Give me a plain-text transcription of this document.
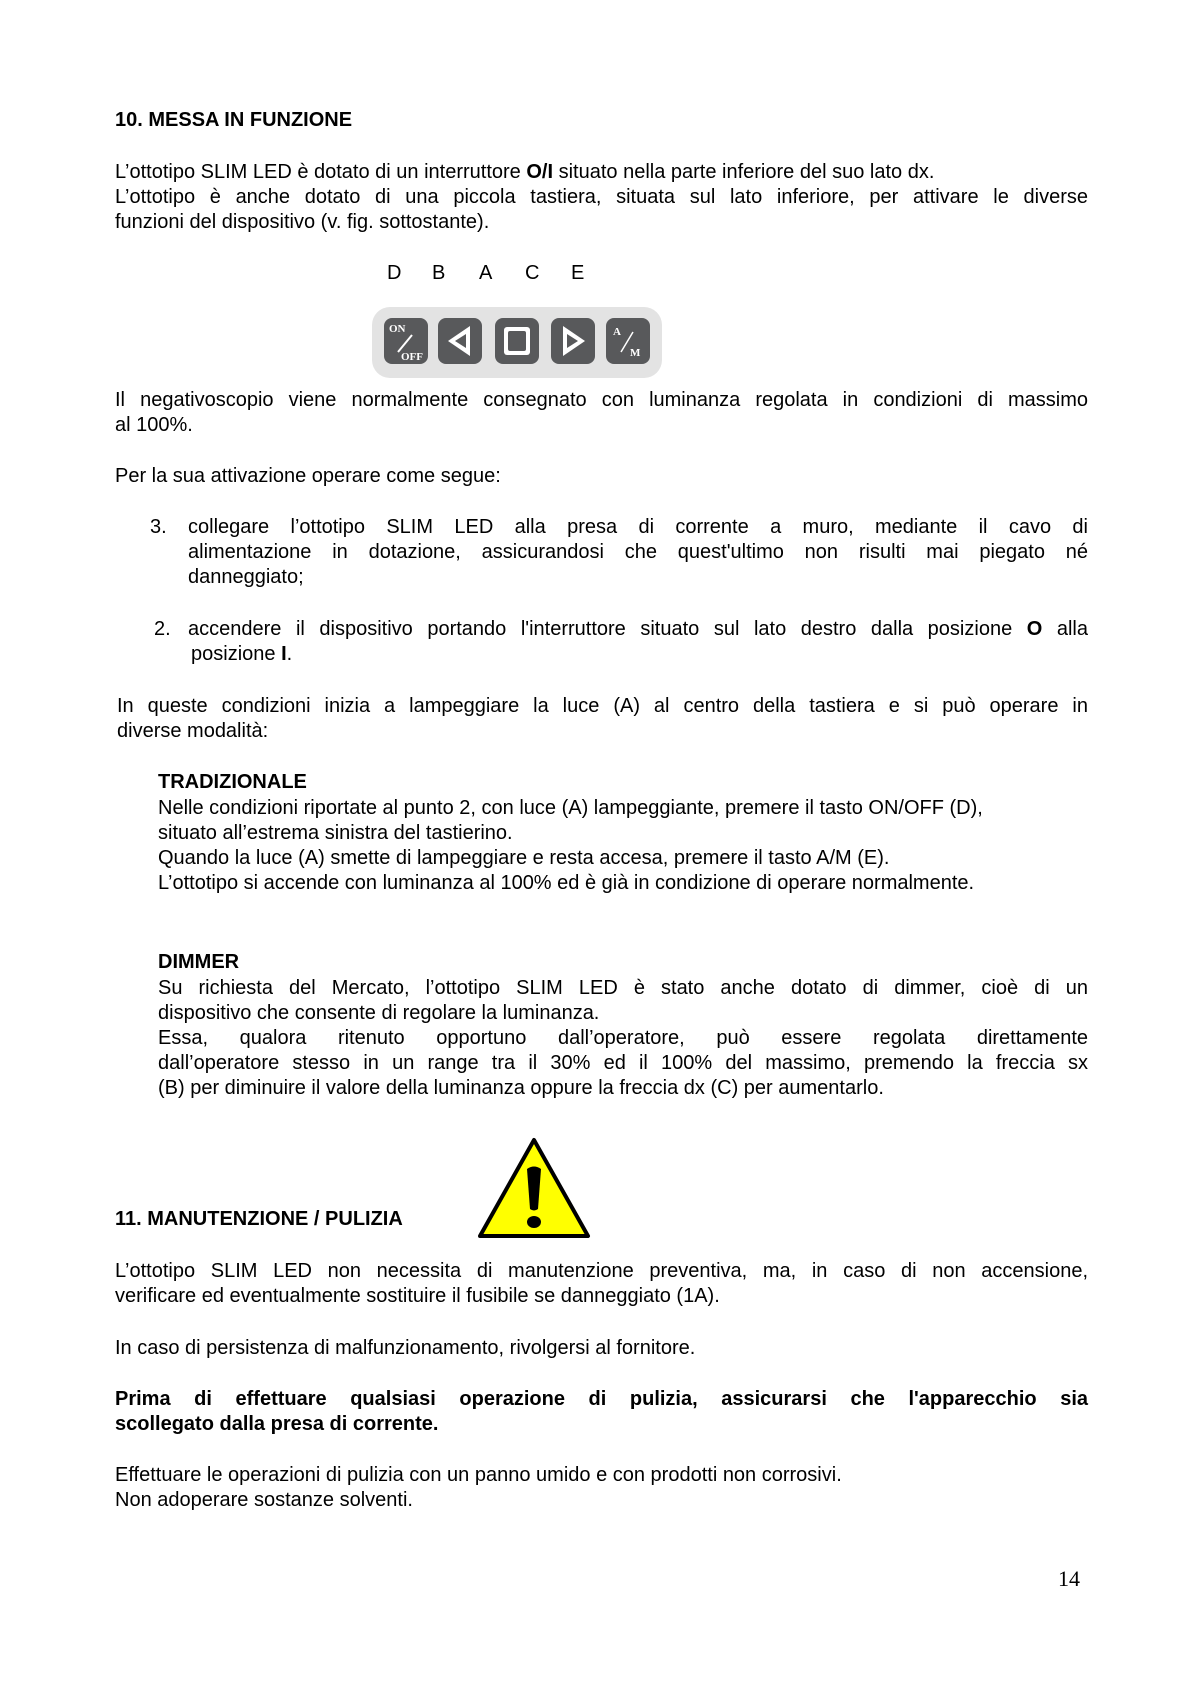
10. MESSA IN FUNZIONE

L’ottotipo SLIM LED è dotato di un interruttore O/I situato nella parte inferiore del suo lato dx.

L’ottotipo è anche dotato di una piccola tastiera, situata sul lato inferiore, per attivare le diverse

funzioni del dispositivo (v. fig. sottostante).

D B A C E
ON
OFF
A
M

Il negativoscopio viene normalmente consegnato con luminanza regolata in condizioni di massimo

al 100%.

Per la sua attivazione operare come segue:

3. collegare l’ottotipo SLIM LED alla presa di corrente a muro, mediante il cavo di

alimentazione in dotazione, assicurandosi che quest'ultimo non risulti mai piegato né

danneggiato;

2. accendere il dispositivo portando l'interruttore situato sul lato destro dalla posizione O alla

posizione I.

In queste condizioni inizia a lampeggiare la luce (A) al centro della tastiera e si può operare in

diverse modalità:

TRADIZIONALE

Nelle condizioni riportate al punto 2, con luce (A) lampeggiante, premere il tasto ON/OFF (D),

situato all’estrema sinistra del tastierino.

Quando la luce (A) smette di lampeggiare e resta accesa, premere il tasto A/M (E).

L’ottotipo si accende con luminanza al 100% ed è già in condizione di operare normalmente.

DIMMER

Su richiesta del Mercato, l’ottotipo SLIM LED è stato anche dotato di dimmer, cioè di un

dispositivo che consente di regolare la luminanza.

Essa, qualora ritenuto opportuno dall’operatore, può essere regolata direttamente

dall’operatore stesso in un range tra il 30% ed il 100% del massimo, premendo la freccia sx

(B) per diminuire il valore della luminanza oppure la freccia dx (C) per aumentarlo.

11. MANUTENZIONE / PULIZIA

L’ottotipo SLIM LED non necessita di manutenzione preventiva, ma, in caso di non accensione,

verificare ed eventualmente sostituire il fusibile se danneggiato (1A).

In caso di persistenza di malfunzionamento, rivolgersi al fornitore.

Prima di effettuare qualsiasi operazione di pulizia, assicurarsi che l'apparecchio sia

scollegato dalla presa di corrente.

Effettuare le operazioni di pulizia con un panno umido e con prodotti non corrosivi.

Non adoperare sostanze solventi.

14
